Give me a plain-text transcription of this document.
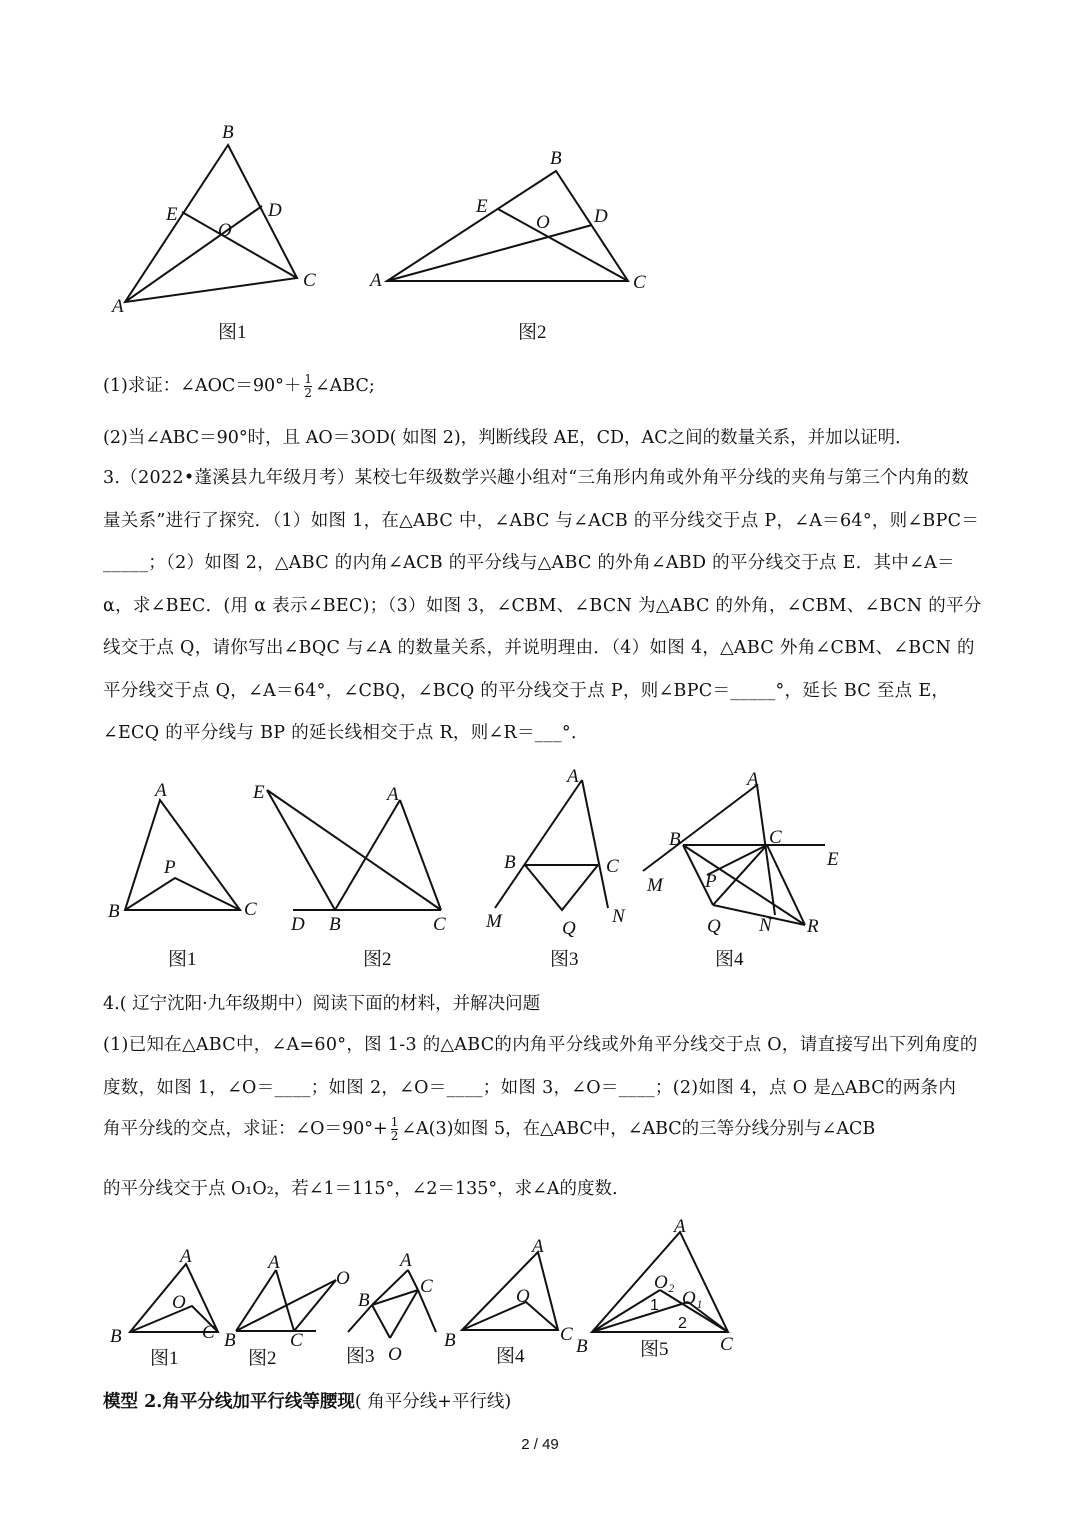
B
E	D
O
A
C
图1
B
E	D
O
A	C
图2
(1)求证：∠AOC＝90°＋ $\frac{1}{2}$ ∠ABC;
(2)当∠ABC＝90°时，且 AO＝3OD( 如图 2)，判断线段 AE，CD，AC之间的数量关系，并加以证明．
3.（2022•蓬溪县九年级月考）某校七年级数学兴趣小组对“三角形内角或外角平分线的夹角与第三个内角的数量关系”进行了探究．（1）如图 1，在△ABC 中，∠ABC 与∠ACB 的平分线交于点 P，∠A＝64°，则∠BPC＝_____；（2）如图 2，△ABC 的内角∠ACB 的平分线与△ABC 的外角∠ABD 的平分线交于点 E．其中∠A＝α，求∠BEC．(用 α 表示∠BEC)；（3）如图 3，∠CBM、∠BCN 为△ABC 的外角，∠CBM、∠BCN 的平分线交于点 Q，请你写出∠BQC 与∠A 的数量关系，并说明理由．（4）如图 4，△ABC 外角∠CBM、∠BCN 的平分线交于点 Q，∠A＝64°，∠CBQ，∠BCQ 的平分线交于点 P，则∠BPC＝_____°，延长 BC 至点 E，∠ECQ 的平分线与 BP 的延长线相交于点 R，则∠R＝___°．
A
P
B	C
图1
E	A
D B	C
图2
A
B	C
M	Q
N
图3
A
B	C
E
M P
Q N R
图4
4.( 辽宁沈阳·九年级期中）阅读下面的材料，并解决问题
(1)已知在△ABC中，∠A=60°，图 1-3 的△ABC的内角平分线或外角平分线交于点 O，请直接写出下列角度的度数，如图 1，∠O＝____；如图 2，∠O＝____；如图 3，∠O＝____；(2)如图 4，点 O 是△ABC的两条内
角平分线的交点，求证：∠O＝90°+ $\frac{1}{2}$ ∠A(3)如图 5，在△ABC中，∠ABC的三等分线分别与∠ACB
的平分线交于点 O₁O₂，若∠1＝115°，∠2＝135°，求∠A的度数.
A
O
B	C
图1
A
O
B	C
图2
A
B
C
O
图3
A
O
B	C
图4
A
O₂
O₁
1
2
B	C
图5
模型 2.角平分线加平行线等腰现( 角平分线+平行线)
2 / 49
